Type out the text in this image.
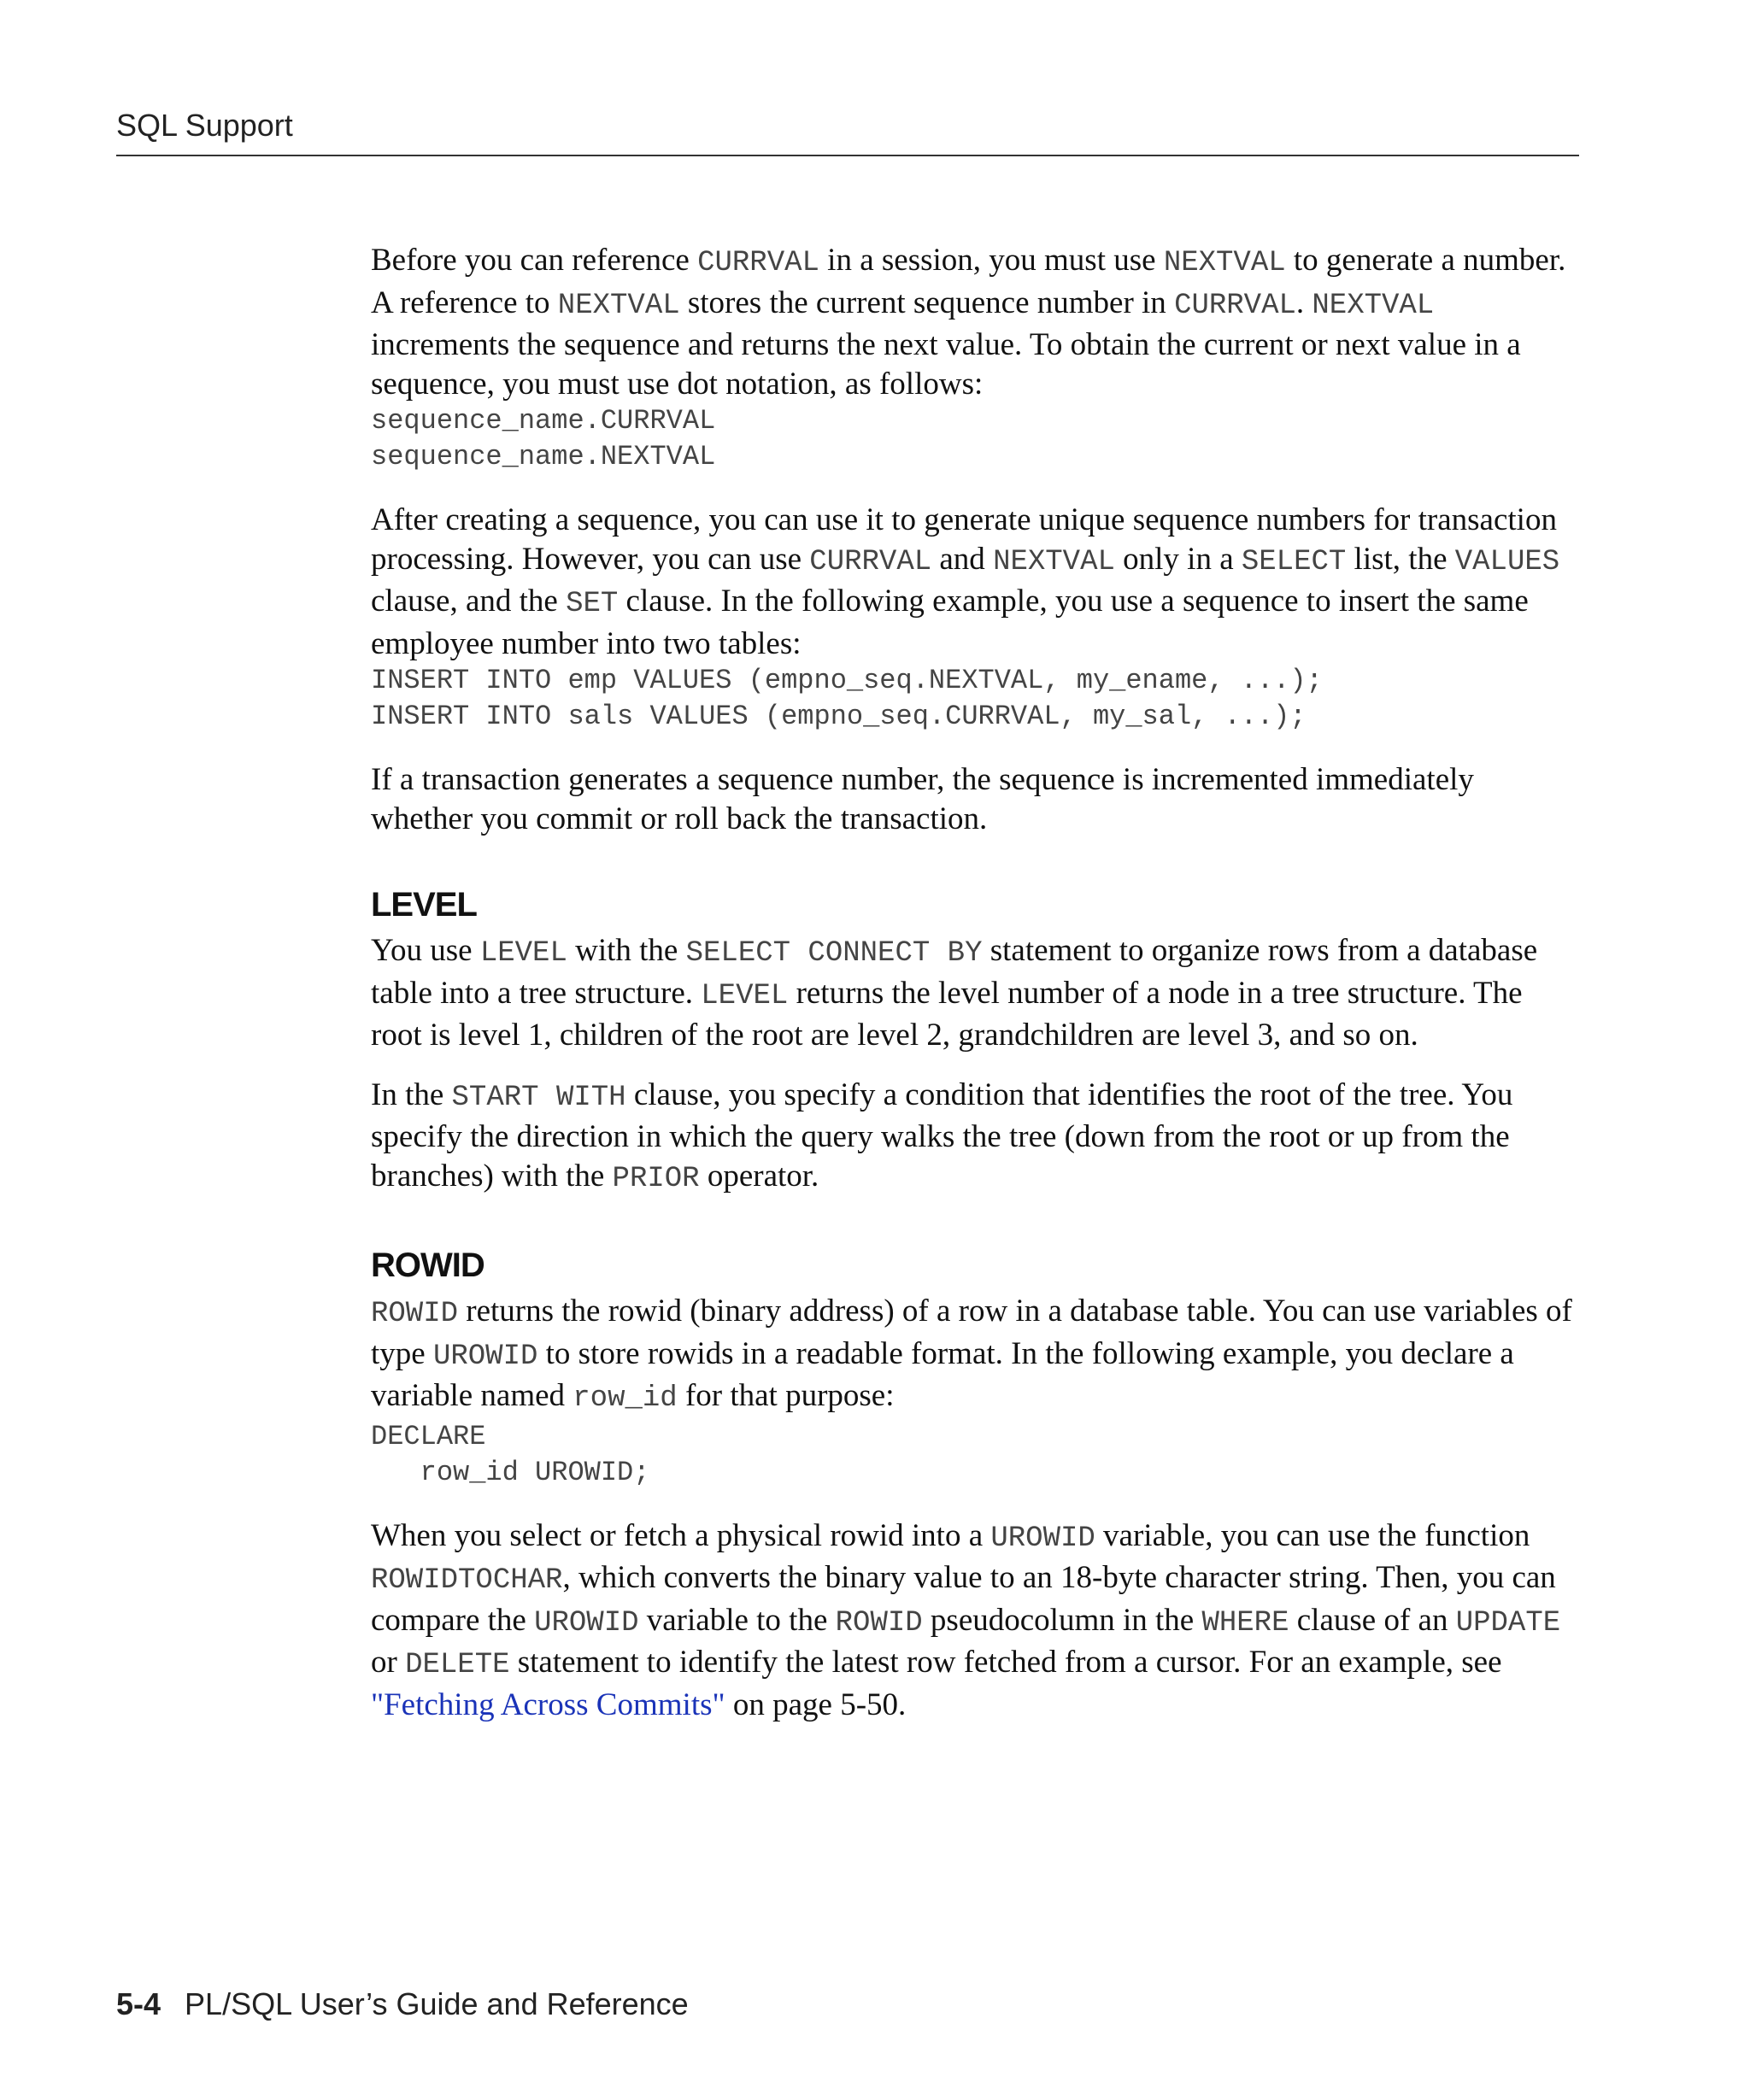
SQL Support

Before you can reference CURRVAL in a session, you must use NEXTVAL to generate a number. A reference to NEXTVAL stores the current sequence number in CURRVAL. NEXTVAL increments the sequence and returns the next value. To obtain the current or next value in a sequence, you must use dot notation, as follows:

sequence_name.CURRVAL
sequence_name.NEXTVAL

After creating a sequence, you can use it to generate unique sequence numbers for transaction processing. However, you can use CURRVAL and NEXTVAL only in a SELECT list, the VALUES clause, and the SET clause. In the following example, you use a sequence to insert the same employee number into two tables:

INSERT INTO emp VALUES (empno_seq.NEXTVAL, my_ename, ...);
INSERT INTO sals VALUES (empno_seq.CURRVAL, my_sal, ...);

If a transaction generates a sequence number, the sequence is incremented immediately whether you commit or roll back the transaction.

LEVEL

You use LEVEL with the SELECT CONNECT BY statement to organize rows from a database table into a tree structure. LEVEL returns the level number of a node in a tree structure. The root is level 1, children of the root are level 2, grandchildren are level 3, and so on.

In the START WITH clause, you specify a condition that identifies the root of the tree. You specify the direction in which the query walks the tree (down from the root or up from the branches) with the PRIOR operator.

ROWID

ROWID returns the rowid (binary address) of a row in a database table. You can use variables of type UROWID to store rowids in a readable format. In the following example, you declare a variable named row_id for that purpose:

DECLARE
row_id UROWID;

When you select or fetch a physical rowid into a UROWID variable, you can use the function ROWIDTOCHAR, which converts the binary value to an 18-byte character string. Then, you can compare the UROWID variable to the ROWID pseudocolumn in the WHERE clause of an UPDATE or DELETE statement to identify the latest row fetched from a cursor. For an example, see "Fetching Across Commits" on page 5-50.

5-4 PL/SQL User’s Guide and Reference
